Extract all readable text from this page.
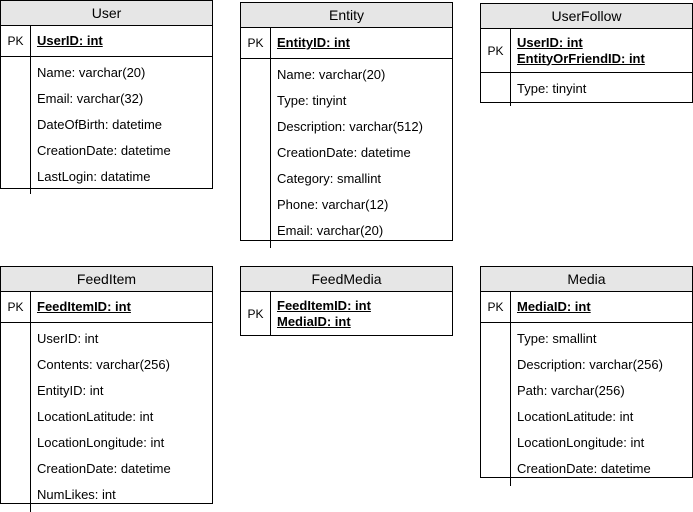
User
PK	UserID: int
Name: varchar(20)
Email: varchar(32)
DateOfBirth: datetime
CreationDate: datetime
LastLogin: datatime
Entity
PK	EntityID: int
Name: varchar(20)
Type: tinyint
Description: varchar(512)
CreationDate: datetime
Category: smallint
Phone: varchar(12)
Email: varchar(20)
UserFollow
PK
UserID: int
EntityOrFriendID: int
Type: tinyint
FeedItem
PK	FeedItemID: int
UserID: int
Contents: varchar(256)
EntityID: int
LocationLatitude: int
LocationLongitude: int
CreationDate: datetime
NumLikes: int
FeedMedia
PK
FeedItemID: int
MediaID: int
Media
PK	MediaID: int
Type: smallint
Description: varchar(256)
Path: varchar(256)
LocationLatitude: int
LocationLongitude: int
CreationDate: datetime
